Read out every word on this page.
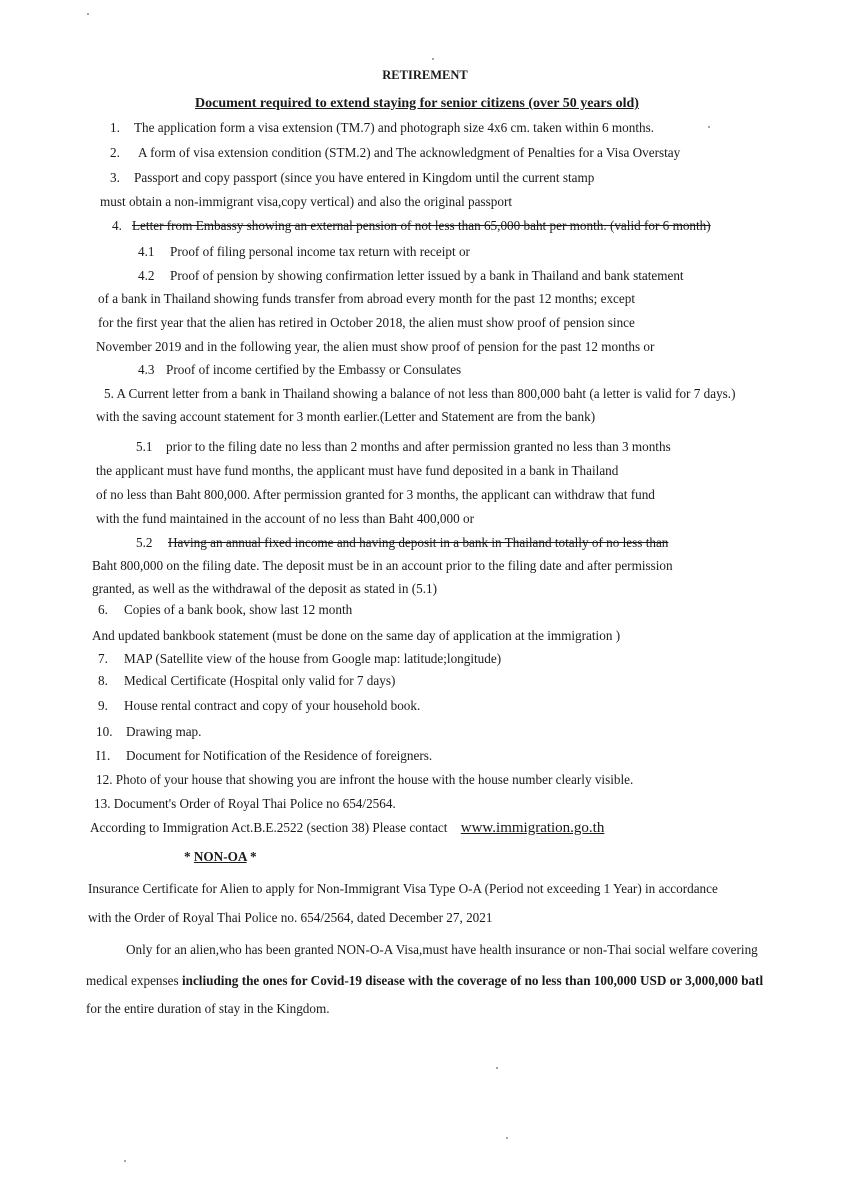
RETIREMENT
Document required to extend staying for senior citizens (over 50 years old)
1. The application form a visa extension (TM.7) and photograph size 4x6 cm. taken within 6 months.
2. A form of visa extension condition (STM.2) and The acknowledgment of Penalties for a Visa Overstay
3. Passport and copy passport (since you have entered in Kingdom until the current stamp
must obtain a non-immigrant visa,copy vertical) and also the original passport
4. Letter from Embassy showing an external pension of not less than 65,000 baht per month. (valid for 6 month)
4.1 Proof of filing personal income tax return with receipt or
4.2 Proof of pension by showing confirmation letter issued by a bank in Thailand and bank statement
of a bank in Thailand showing funds transfer from abroad every month for the past 12 months; except
for the first year that the alien has retired in October 2018, the alien must show proof of pension since
November 2019 and in the following year, the alien must show proof of pension for the past 12 months or
4.3 Proof of income certified by the Embassy or Consulates
5. A Current letter from a bank in Thailand showing a balance of not less than 800,000 baht (a letter is valid for 7 days.)
with the saving account statement for 3 month earlier.(Letter and Statement are from the bank)
5.1 prior to the filing date no less than 2 months and after permission granted no less than 3 months
the applicant must have fund months, the applicant must have fund deposited in a bank in Thailand
of no less than Baht 800,000. After permission granted for 3 months, the applicant can withdraw that fund
with the fund maintained in the account of no less than Baht 400,000 or
5.2 Having an annual fixed income and having deposit in a bank in Thailand totally of no less than
Baht 800,000 on the filing date. The deposit must be in an account prior to the filing date and after permission
granted, as well as the withdrawal of the deposit as stated in (5.1)
6. Copies of a bank book, show last 12 month
And updated bankbook statement (must be done on the same day of application at the immigration )
7. MAP (Satellite view of the house from Google map: latitude;longitude)
8. Medical Certificate (Hospital only valid for 7 days)
9. House rental contract and copy of your household book.
10. Drawing map.
I1. Document for Notification of the Residence of foreigners.
12. Photo of your house that showing you are infront the house with the house number clearly visible.
13. Document's Order of Royal Thai Police no 654/2564.
According to Immigration Act.B.E.2522 (section 38) Please contact www.immigration.go.th
* NON-OA *
Insurance Certificate for Alien to apply for Non-Immigrant Visa Type O-A (Period not exceeding 1 Year) in accordance
with the Order of Royal Thai Police no. 654/2564, dated December 27, 2021
Only for an alien,who has been granted NON-O-A Visa,must have health insurance or non-Thai social welfare covering
medical expenses incliuding the ones for Covid-19 disease with the coverage of no less than 100,000 USD or 3,000,000 batl
for the entire duration of stay in the Kingdom.
